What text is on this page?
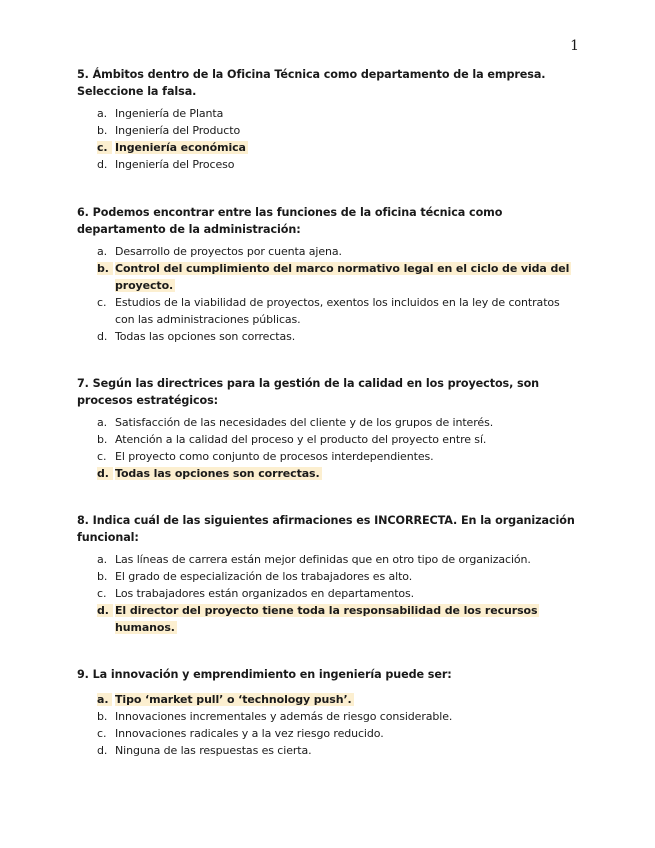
1

5. Ámbitos dentro de la Oficina Técnica como departamento de la empresa. Seleccione la falsa.

a. Ingeniería de Planta
b. Ingeniería del Producto
c. Ingeniería económica
d. Ingeniería del Proceso

6. Podemos encontrar entre las funciones de la oficina técnica como departamento de la administración:

a. Desarrollo de proyectos por cuenta ajena.
b. Control del cumplimiento del marco normativo legal en el ciclo de vida del proyecto.
c. Estudios de la viabilidad de proyectos, exentos los incluidos en la ley de contratos con las administraciones públicas.
d. Todas las opciones son correctas.

7. Según las directrices para la gestión de la calidad en los proyectos, son procesos estratégicos:

a. Satisfacción de las necesidades del cliente y de los grupos de interés.
b. Atención a la calidad del proceso y el producto del proyecto entre sí.
c. El proyecto como conjunto de procesos interdependientes.
d. Todas las opciones son correctas.

8. Indica cuál de las siguientes afirmaciones es INCORRECTA. En la organización funcional:

a. Las líneas de carrera están mejor definidas que en otro tipo de organización.
b. El grado de especialización de los trabajadores es alto.
c. Los trabajadores están organizados en departamentos.
d. El director del proyecto tiene toda la responsabilidad de los recursos humanos.

9. La innovación y emprendimiento en ingeniería puede ser:

a. Tipo ‘market pull’ o ‘technology push’.
b. Innovaciones incrementales y además de riesgo considerable.
c. Innovaciones radicales y a la vez riesgo reducido.
d. Ninguna de las respuestas es cierta.
